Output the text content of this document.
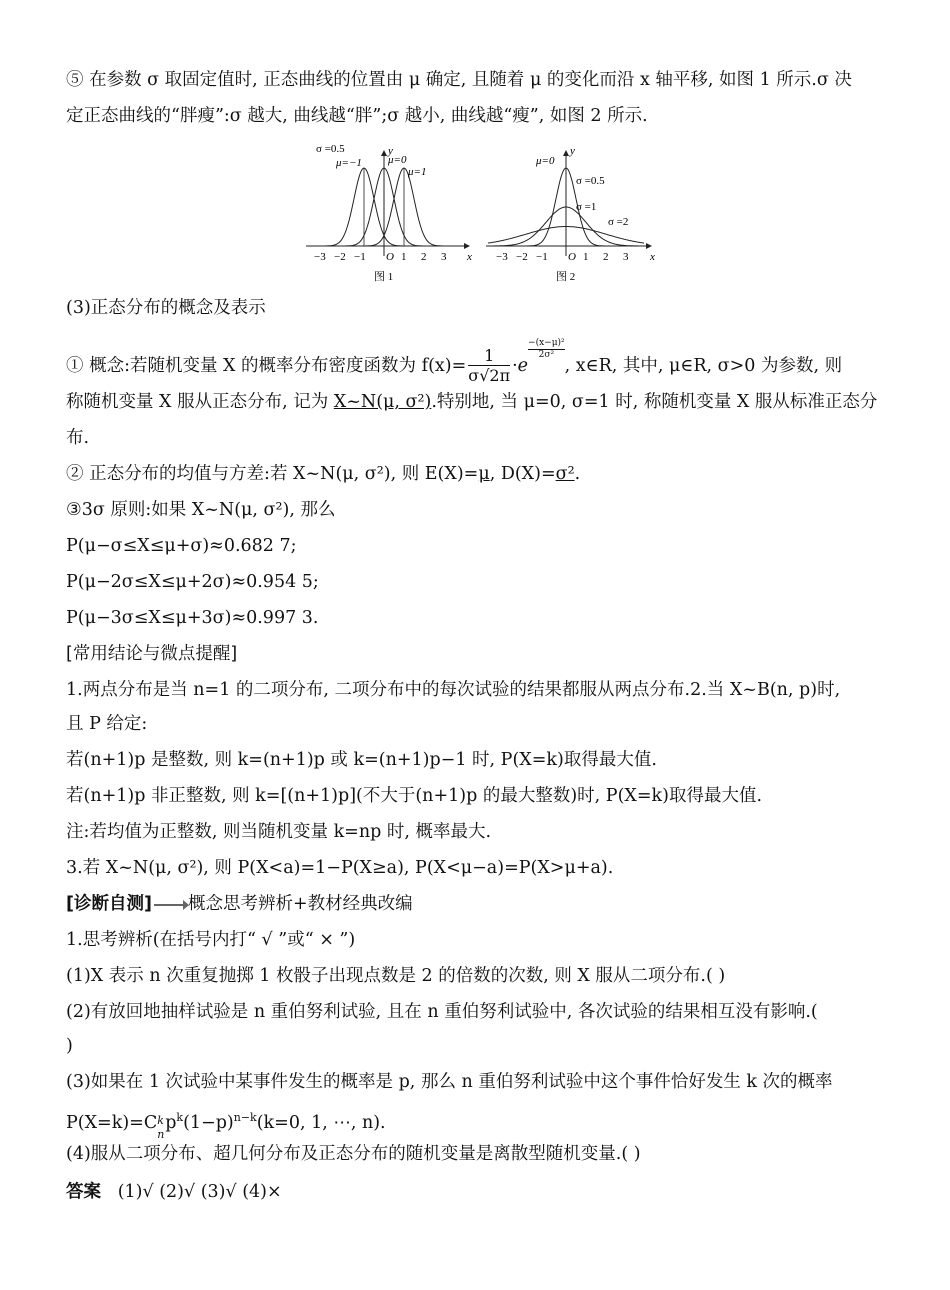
⑤ 在参数 σ 取固定值时, 正态曲线的位置由 μ 确定, 且随着 μ 的变化而沿 x 轴平移, 如图 1 所示.σ 决
定正态曲线的“胖瘦”:σ 越大, 曲线越“胖”;σ 越小, 曲线越“瘦”, 如图 2 所示.
σ =0.5
μ=−1 μ=0
μ=1
y
x
O
−3 −2 −1	1 2 3
图 1
μ=0
y
σ =0.5
σ =1
σ =2
x
O
−3 −2 −1	1 2 3
图 2
(3)正态分布的概念及表示
① 概念:若随机变量 X 的概率分布密度函数为 $f(x)= \frac{1}{\sigma√2\pi} \cdot e$
$\frac{\text{−(x−μ)²}}{\text{2σ²}}$
, x∈R, 其中, μ∈R, σ>0 为参数, 则
称随机变量 X 服从正态分布, 记为 X~N(μ, σ²).特别地, 当 μ=0, σ=1 时, 称随机变量 X 服从标准正态分
布.
② 正态分布的均值与方差:若 X~N(μ, σ²), 则 E(X)=μ, D(X)=σ².
③3σ 原则:如果 X~N(μ, σ²), 那么
P(μ−σ≤X≤μ+σ)≈0.682 7;
P(μ−2σ≤X≤μ+2σ)≈0.954 5;
P(μ−3σ≤X≤μ+3σ)≈0.997 3.
[常用结论与微点提醒]
1.两点分布是当 n=1 的二项分布, 二项分布中的每次试验的结果都服从两点分布.2.当 X~B(n, p)时,
且 P 给定:
若(n+1)p 是整数, 则 k=(n+1)p 或 k=(n+1)p−1 时, P(X=k)取得最大值.
若(n+1)p 非正整数, 则 k=[(n+1)p](不大于(n+1)p 的最大整数)时, P(X=k)取得最大值.
注:若均值为正整数, 则当随机变量 k=np 时, 概率最大.
3.若 X~N(μ, σ²), 则 P(X<a)=1−P(X≥a), P(X<μ−a)=P(X>μ+a).
[诊断自测] 概念思考辨析+教材经典改编
1.思考辨析(在括号内打“ √ ”或“ × ”)
(1)X 表示 n 次重复抛掷 1 枚骰子出现点数是 2 的倍数的次数, 则 X 服从二项分布.( )
(2)有放回地抽样试验是 n 重伯努利试验, 且在 n 重伯努利试验中, 各次试验的结果相互没有影响.(
)
(3)如果在 1 次试验中某事件发生的概率是 p, 那么 n 重伯努利试验中这个事件恰好发生 k 次的概率
P(X=k)=C k
n
$p^k(1-p)^{n-k}(k=0$, 1, ⋯, n).
(4)服从二项分布、超几何分布及正态分布的随机变量是离散型随机变量.( )
答案 (1)√ (2)√ (3)√ (4)×
